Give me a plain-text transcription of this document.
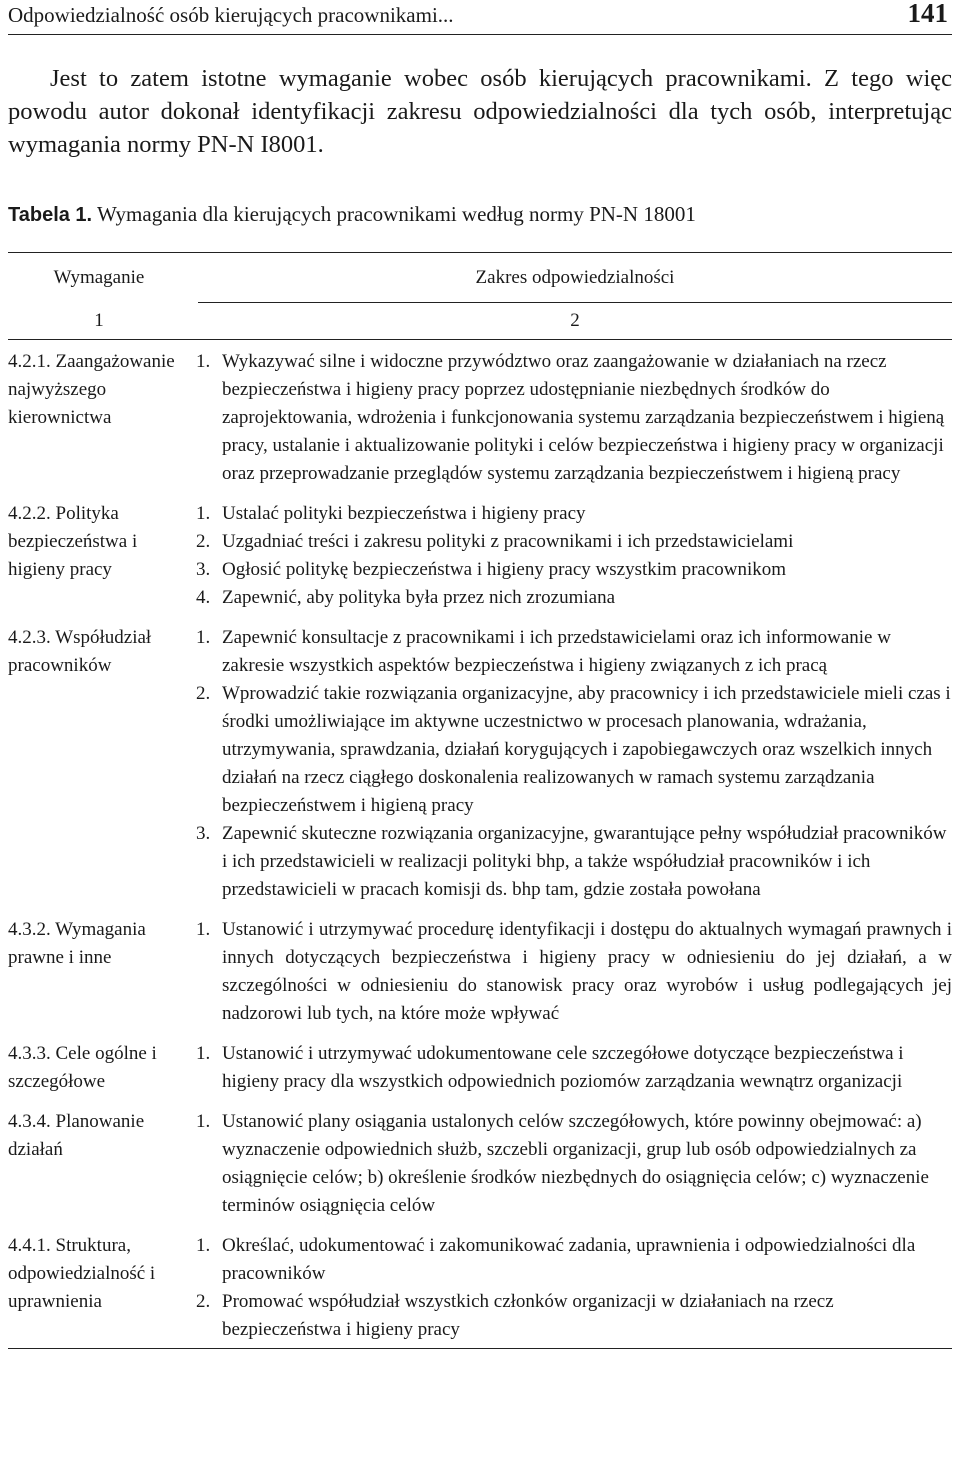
Odpowiedzialność osób kierujących pracownikami...	141

Jest to zatem istotne wymaganie wobec osób kierujących pracownikami. Z tego więc powodu autor dokonał identyfikacji zakresu odpowiedzialności dla tych osób, interpretując wymagania normy PN-N I8001.

Tabela 1. Wymagania dla kierujących pracownikami według normy PN-N 18001
Wymaganie	Zakres odpowiedzialności
1	2
4.2.1. Zaangażowanie najwyższego kierownictwa
1. Wykazywać silne i widoczne przywództwo oraz zaangażowanie w działaniach na rzecz bezpieczeństwa i higieny pracy poprzez udostępnianie niezbędnych środków do zaprojektowania, wdrożenia i funkcjonowania systemu zarządzania bezpieczeństwem i higieną pracy, ustalanie i aktualizowanie polityki i celów bezpieczeństwa i higieny pracy w organizacji oraz przeprowadzanie przeglądów systemu zarządzania bezpieczeństwem i higieną pracy
4.2.2. Polityka bezpieczeństwa i higieny pracy
1. Ustalać polityki bezpieczeństwa i higieny pracy
2. Uzgadniać treści i zakresu polityki z pracownikami i ich przedstawicielami
3. Ogłosić politykę bezpieczeństwa i higieny pracy wszystkim pracownikom
4. Zapewnić, aby polityka była przez nich zrozumiana
4.2.3. Współudział pracowników
1. Zapewnić konsultacje z pracownikami i ich przedstawicielami oraz ich informowanie w zakresie wszystkich aspektów bezpieczeństwa i higieny związanych z ich pracą
2. Wprowadzić takie rozwiązania organizacyjne, aby pracownicy i ich przedstawiciele mieli czas i środki umożliwiające im aktywne uczestnictwo w procesach planowania, wdrażania, utrzymywania, sprawdzania, działań korygujących i zapobiegawczych oraz wszelkich innych działań na rzecz ciągłego doskonalenia realizowanych w ramach systemu zarządzania bezpieczeństwem i higieną pracy
3. Zapewnić skuteczne rozwiązania organizacyjne, gwarantujące pełny współudział pracowników i ich przedstawicieli w realizacji polityki bhp, a także współudział pracowników i ich przedstawicieli w pracach komisji ds. bhp tam, gdzie została powołana
4.3.2. Wymagania prawne i inne
1. Ustanowić i utrzymywać procedurę identyfikacji i dostępu do aktualnych wymagań prawnych i innych dotyczących bezpieczeństwa i higieny pracy w odniesieniu do jej działań, a w szczególności w odniesieniu do stanowisk pracy oraz wyrobów i usług podlegających jej nadzorowi lub tych, na które może wpływać
4.3.3. Cele ogólne i szczegółowe
1. Ustanowić i utrzymywać udokumentowane cele szczegółowe dotyczące bezpieczeństwa i higieny pracy dla wszystkich odpowiednich poziomów zarządzania wewnątrz organizacji
4.3.4. Planowanie działań
1. Ustanowić plany osiągania ustalonych celów szczegółowych, które powinny obejmować: a) wyznaczenie odpowiednich służb, szczebli organizacji, grup lub osób odpowiedzialnych za osiągnięcie celów; b) określenie środków niezbędnych do osiągnięcia celów; c) wyznaczenie terminów osiągnięcia celów
4.4.1. Struktura, odpowiedzialność i uprawnienia
1. Określać, udokumentować i zakomunikować zadania, uprawnienia i odpowiedzialności dla pracowników
2. Promować współudział wszystkich członków organizacji w działaniach na rzecz bezpieczeństwa i higieny pracy
